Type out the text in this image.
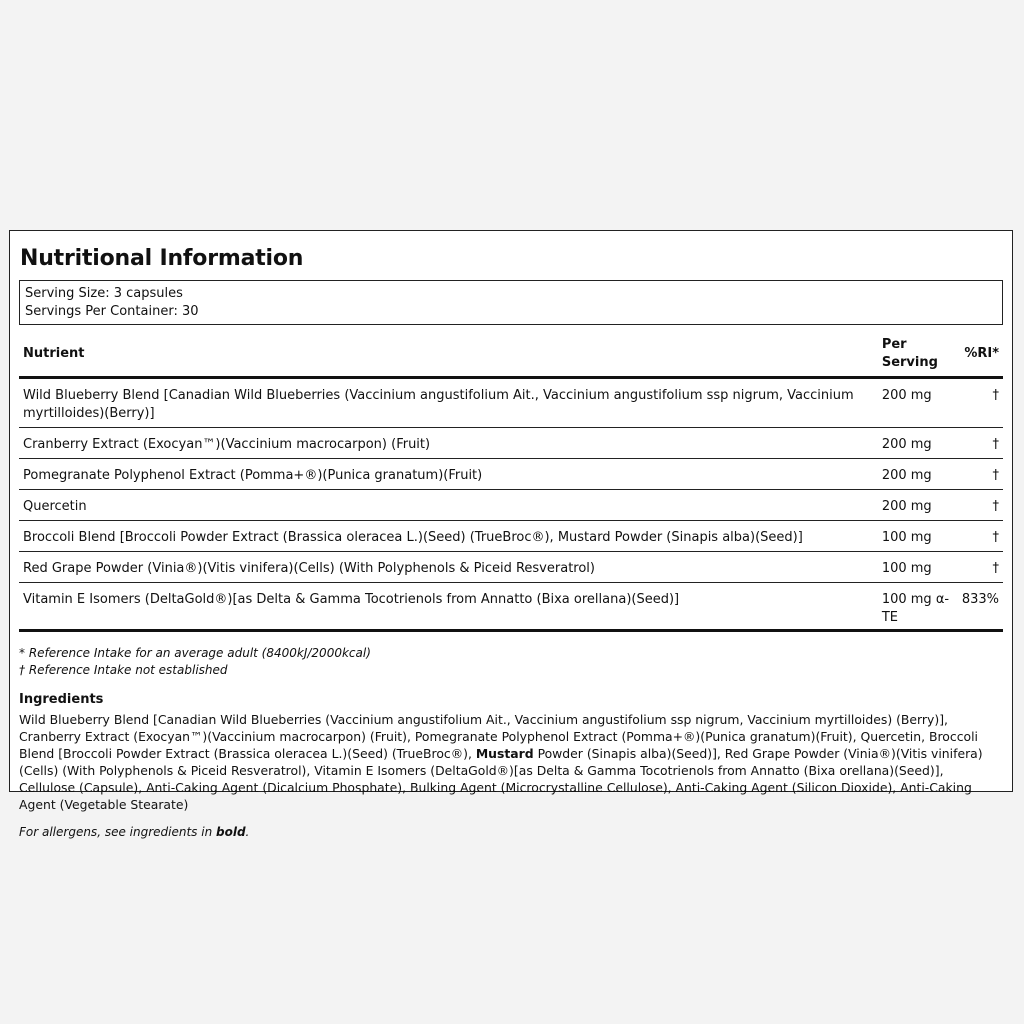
Nutritional Information
Serving Size: 3 capsules
Servings Per Container: 30
Nutrient	Per Serving	%RI*
Wild Blueberry Blend [Canadian Wild Blueberries (Vaccinium angustifolium Ait., Vaccinium angustifolium ssp nigrum, Vaccinium myrtilloides)(Berry)]	200 mg	†
Cranberry Extract (Exocyan™)(Vaccinium macrocarpon) (Fruit)	200 mg	†
Pomegranate Polyphenol Extract (Pomma+®)(Punica granatum)(Fruit)	200 mg	†
Quercetin	200 mg	†
Broccoli Blend [Broccoli Powder Extract (Brassica oleracea L.)(Seed) (TrueBroc®), Mustard Powder (Sinapis alba)(Seed)]	100 mg	†
Red Grape Powder (Vinia®)(Vitis vinifera)(Cells) (With Polyphenols & Piceid Resveratrol)	100 mg	†
Vitamin E Isomers (DeltaGold®)[as Delta & Gamma Tocotrienols from Annatto (Bixa orellana)(Seed)]	100 mg α-TE	833%
* Reference Intake for an average adult (8400kJ/2000kcal)
† Reference Intake not established
Ingredients
Wild Blueberry Blend [Canadian Wild Blueberries (Vaccinium angustifolium Ait., Vaccinium angustifolium ssp nigrum, Vaccinium myrtilloides) (Berry)], Cranberry Extract (Exocyan™)(Vaccinium macrocarpon) (Fruit), Pomegranate Polyphenol Extract (Pomma+®)(Punica granatum)(Fruit), Quercetin, Broccoli Blend [Broccoli Powder Extract (Brassica oleracea L.)(Seed) (TrueBroc®), Mustard Powder (Sinapis alba)(Seed)], Red Grape Powder (Vinia®)(Vitis vinifera)(Cells) (With Polyphenols & Piceid Resveratrol), Vitamin E Isomers (DeltaGold®)[as Delta & Gamma Tocotrienols from Annatto (Bixa orellana)(Seed)], Cellulose (Capsule), Anti-Caking Agent (Dicalcium Phosphate), Bulking Agent (Microcrystalline Cellulose), Anti-Caking Agent (Silicon Dioxide), Anti-Caking Agent (Vegetable Stearate)
For allergens, see ingredients in bold.
